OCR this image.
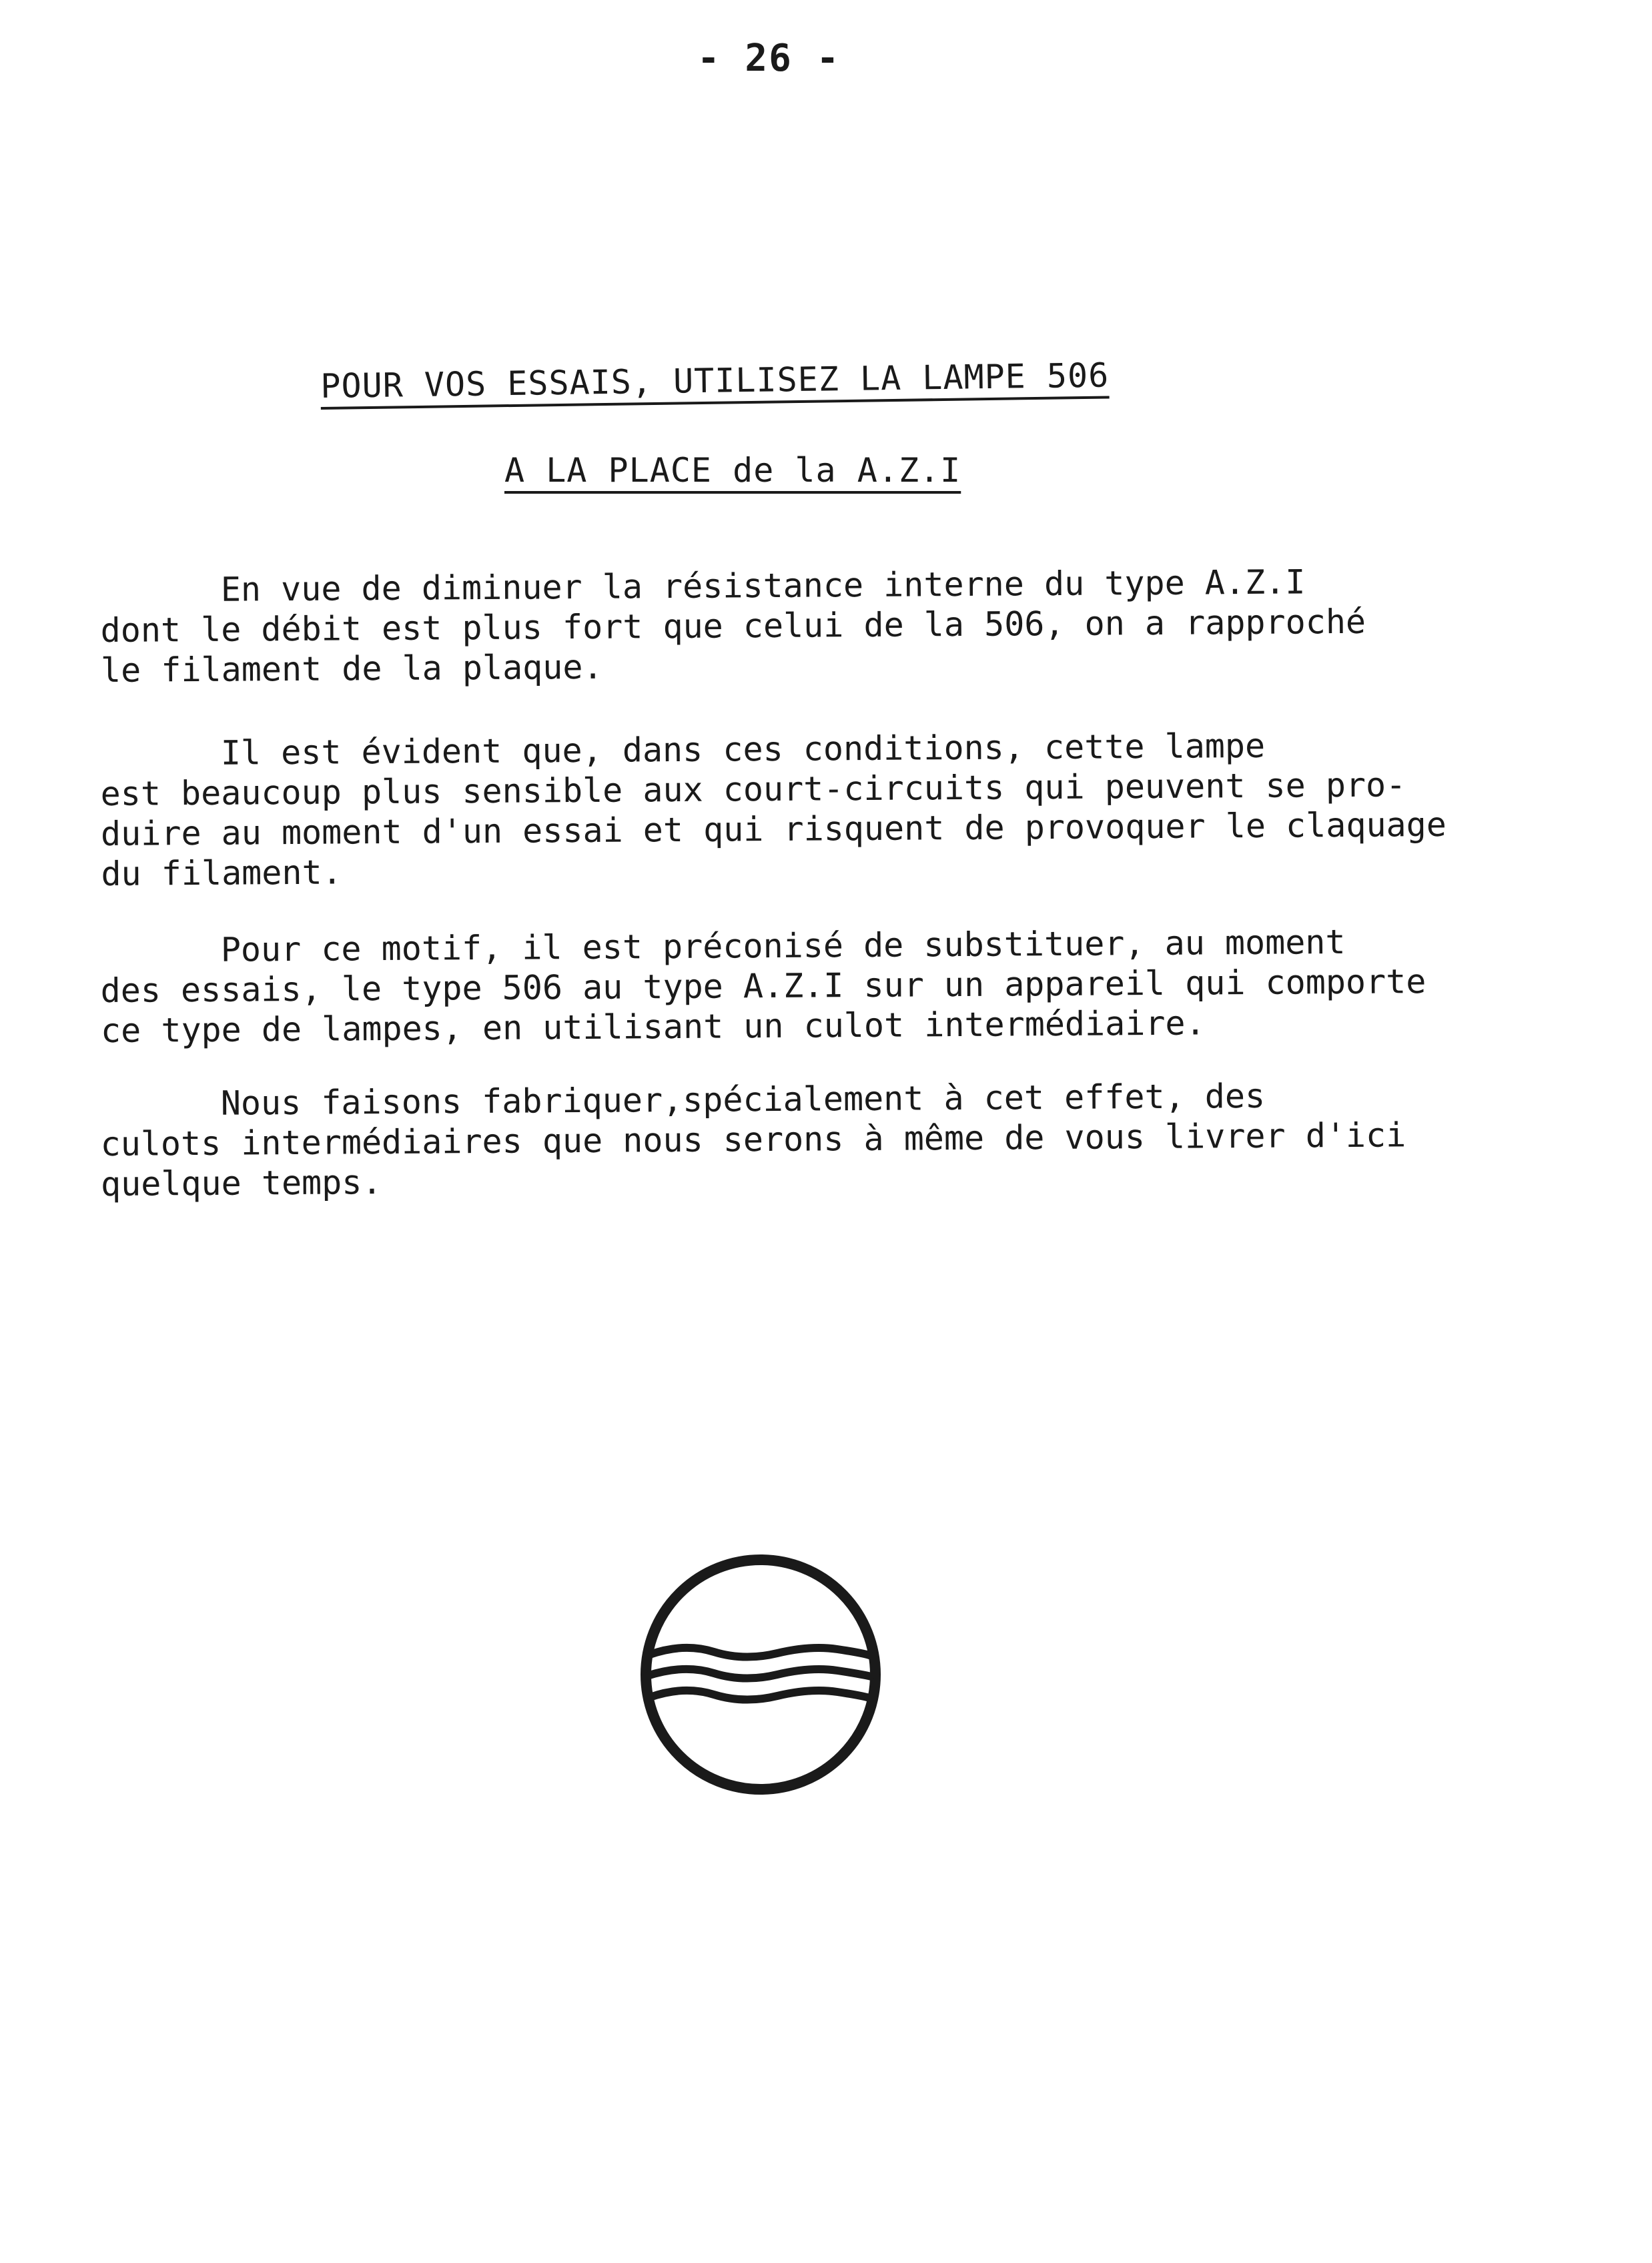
- 26 -
POUR VOS ESSAIS, UTILISEZ LA LAMPE 506
A LA PLACE de la A.Z.I
En vue de diminuer la résistance interne du type A.Z.I
dont le débit est plus fort que celui de la 506, on a rapproché
le filament de la plaque.
Il est évident que, dans ces conditions, cette lampe
est beaucoup plus sensible aux court-circuits qui peuvent se pro-
duire au moment d'un essai et qui risquent de provoquer le claquage
du filament.
Pour ce motif, il est préconisé de substituer, au moment
des essais, le type 506 au type A.Z.I sur un appareil qui comporte
ce type de lampes, en utilisant un culot intermédiaire.
Nous faisons fabriquer,spécialement à cet effet, des
culots intermédiaires que nous serons à même de vous livrer d'ici
quelque temps.
